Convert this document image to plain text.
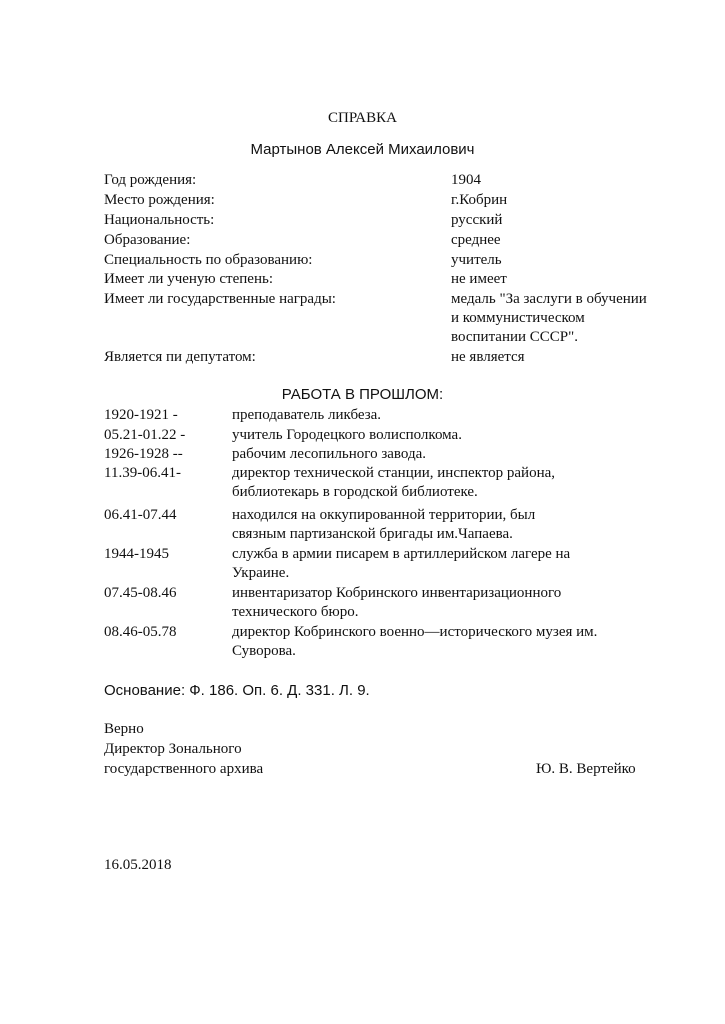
СПРАВКА
Мартынов Алексей Михаилович
Год рождения:	1904
Место рождения:	г.Кобрин
Национальность:	русский
Образование:	среднее
Специальность по образованию:	учитель
Имеет ли ученую степень:	не имеет
Имеет ли государственные награды:	медаль "За заслуги в обучении
и коммунистическом
воспитании СССР".
Является пи депутатом:	не является
РАБОТА В ПРОШЛОМ:
1920-1921 -	преподаватель ликбеза.
05.21-01.22 -	учитель Городецкого волисполкома.
1926-1928 --	рабочим лесопильного завода.
11.39-06.41-	директор технической станции, инспектор района,
библиотекарь в городской библиотеке.
06.41-07.44	находился на оккупированной территории, был
связным партизанской бригады им.Чапаева.
1944-1945	служба в армии писарем в артиллерийском лагере на
Украине.
07.45-08.46	инвентаризатор Кобринского инвентаризационного
технического бюро.
08.46-05.78	директор Кобринского военно—исторического музея им.
Суворова.
Основание: Ф. 186. Оп. 6. Д. 331. Л. 9.
Верно
Директор Зонального
государственного архива	Ю. В. Вертейко
16.05.2018
